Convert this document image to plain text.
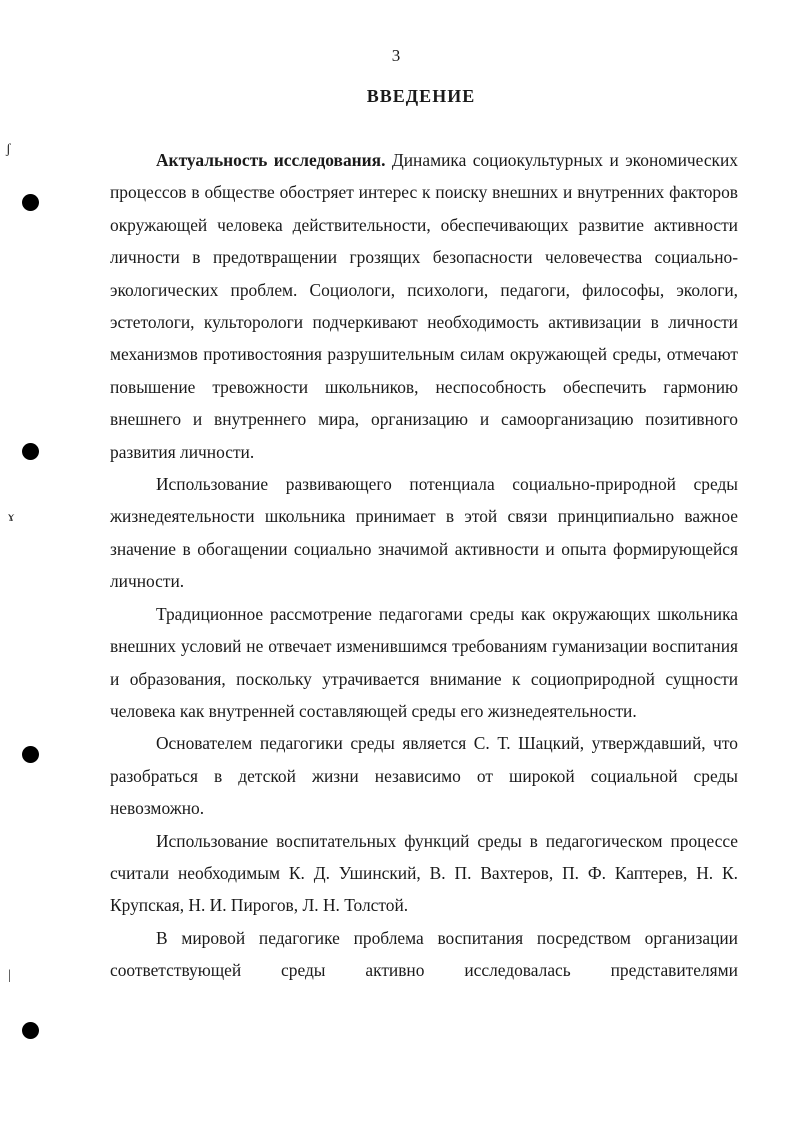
ʃ
ɤ
|
3
ВВЕДЕНИЕ

Актуальность исследования. Динамика социокультурных и экономических процессов в обществе обостряет интерес к поиску внешних и внутренних факторов окружающей человека действительности, обеспечивающих развитие активности личности в предотвращении грозящих безопасности человечества социально-экологических проблем. Социологи, психологи, педагоги, философы, экологи, эстетологи, культорологи подчеркивают необходимость активизации в личности механизмов противостояния разрушительным силам окружающей среды, отмечают повышение тревожности школьников, неспособность обеспечить гармонию внешнего и внутреннего мира, организацию и самоорганизацию позитивного развития личности.

Использование развивающего потенциала социально-природной среды жизнедеятельности школьника принимает в этой связи принципиально важное значение в обогащении социально значимой активности и опыта формирующейся личности.

Традиционное рассмотрение педагогами среды как окружающих школьника внешних условий не отвечает изменившимся требованиям гуманизации воспитания и образования, поскольку утрачивается внимание к социоприродной сущности человека как внутренней составляющей среды его жизнедеятельности.

Основателем педагогики среды является С. Т. Шацкий, утверждавший, что разобраться в детской жизни независимо от широкой социальной среды невозможно.

Использование воспитательных функций среды в педагогическом процессе считали необходимым К. Д. Ушинский, В. П. Вахтеров, П. Ф. Каптерев, Н. К. Крупская, Н. И. Пирогов, Л. Н. Толстой.

В мировой педагогике проблема воспитания посредством организации соответствующей среды активно исследовалась представителями
